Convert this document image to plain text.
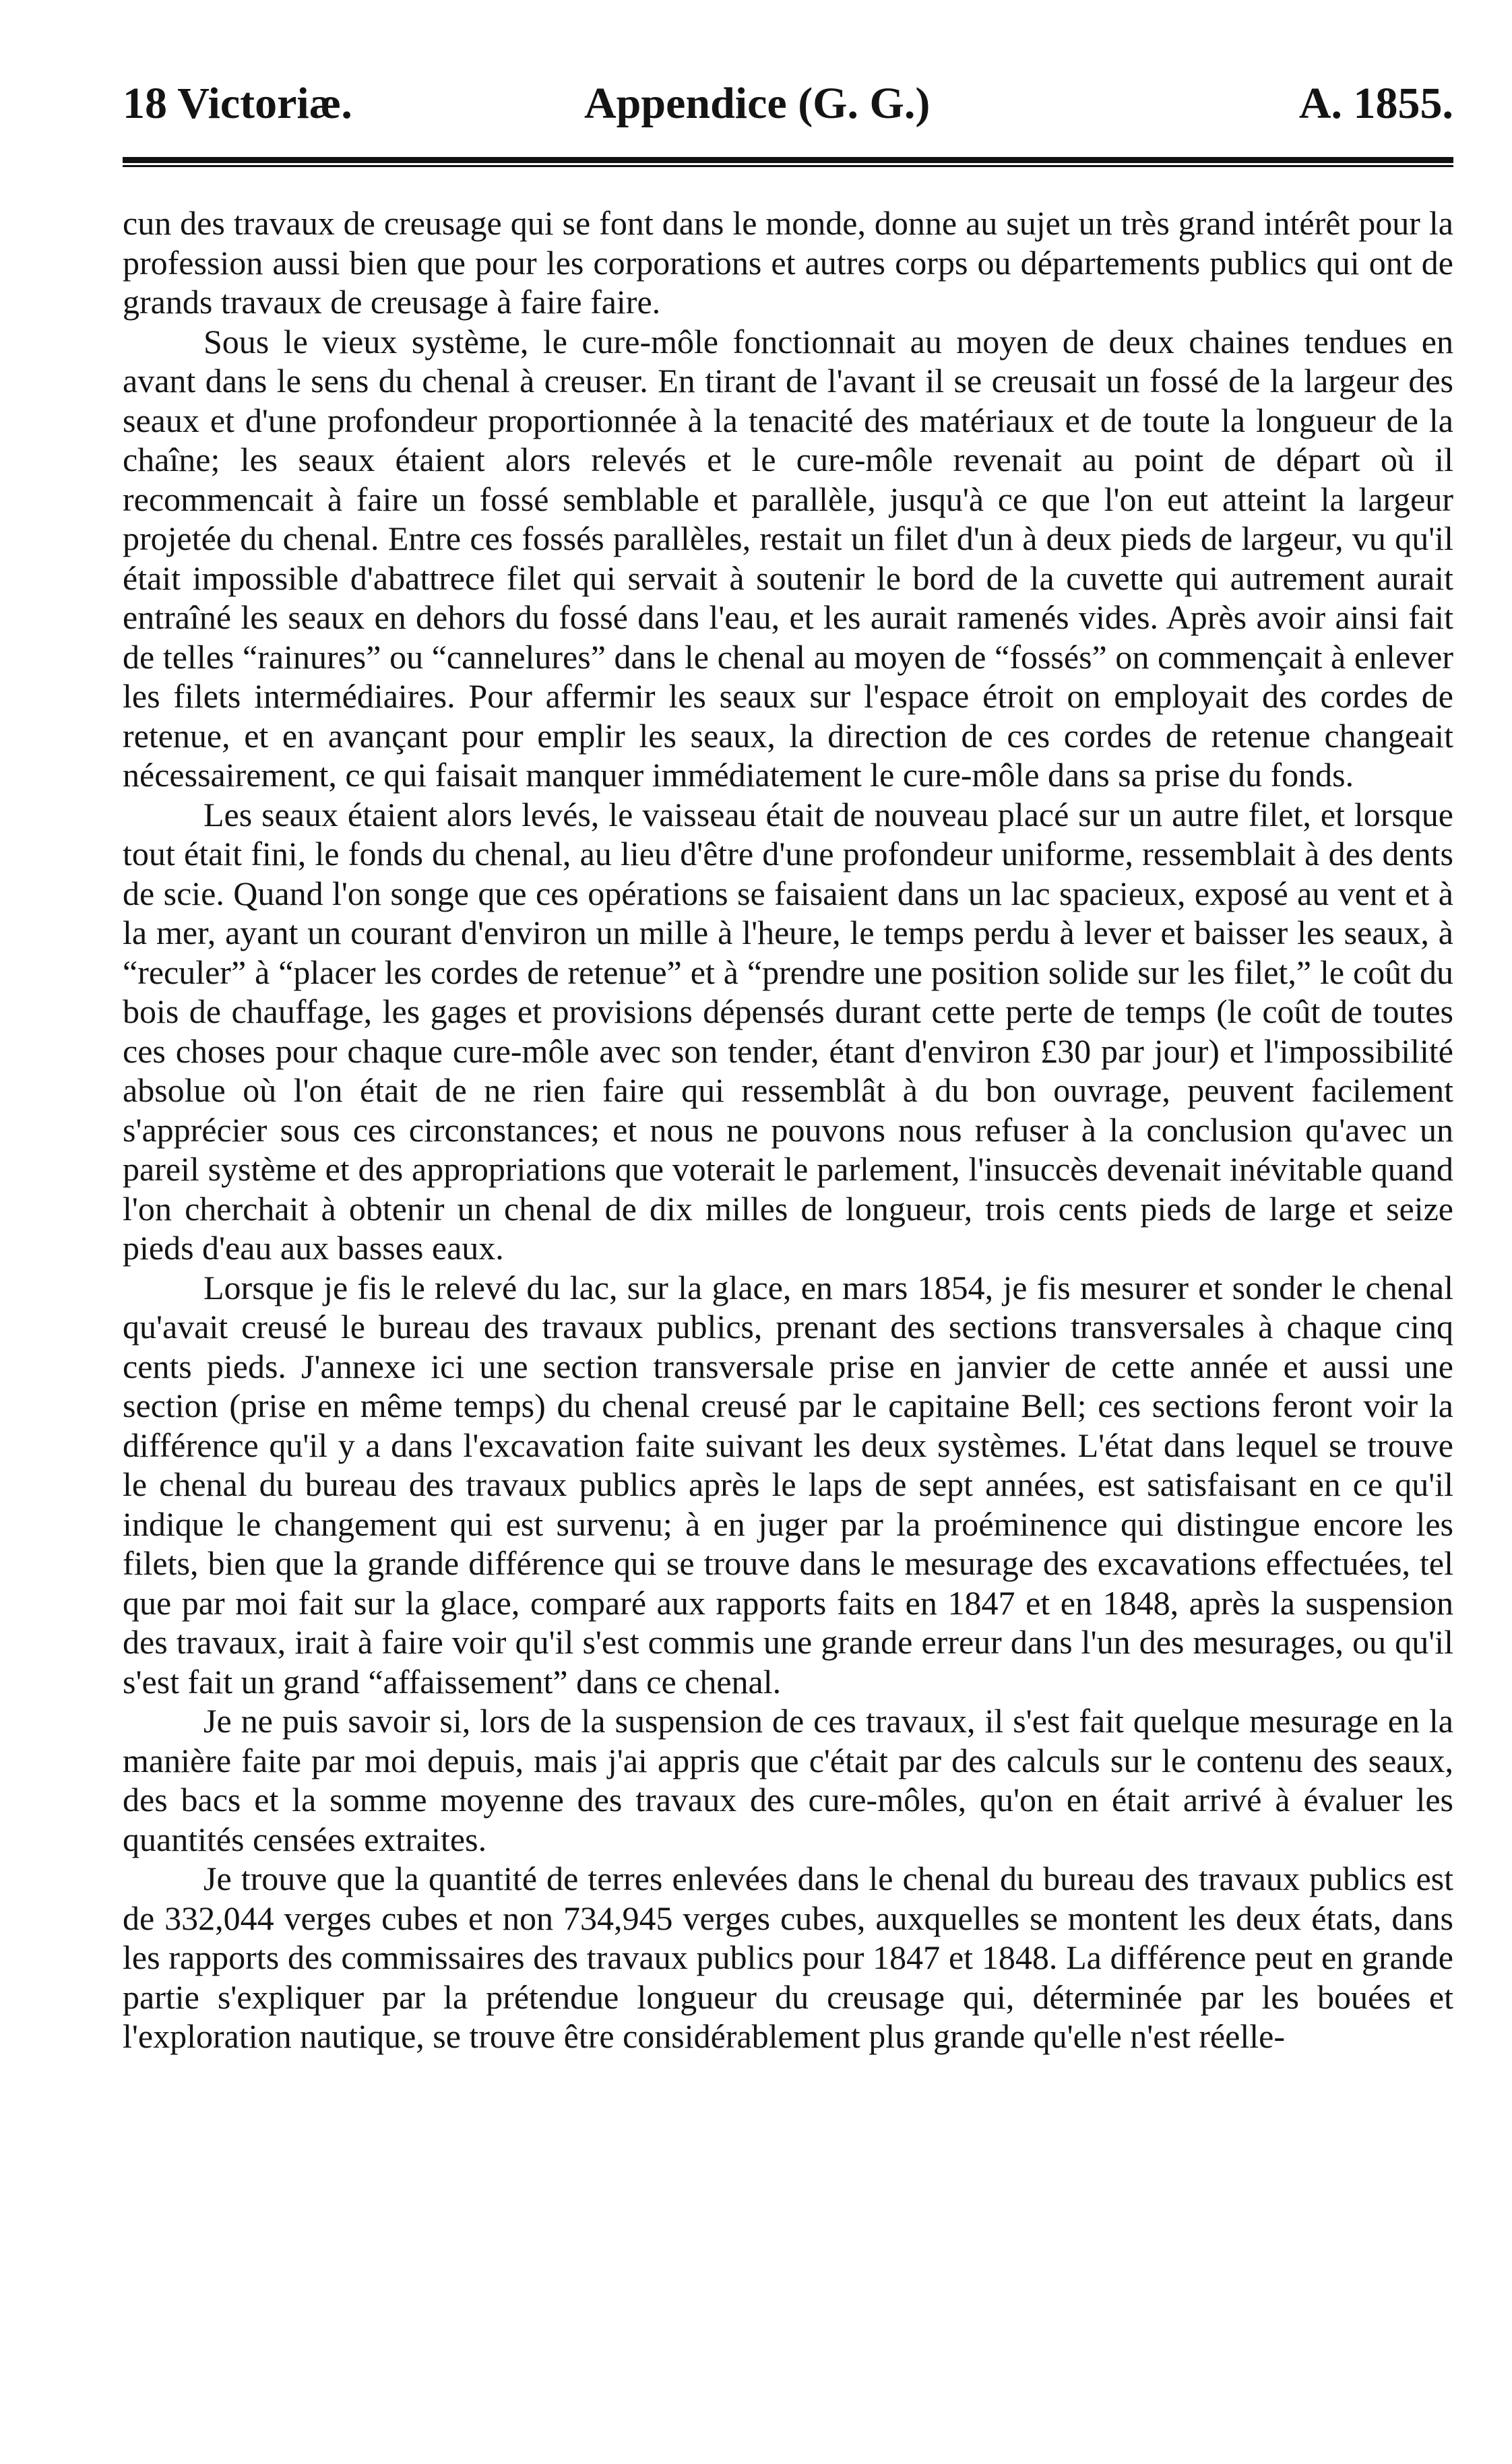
18 Victoriæ.	Appendice (G. G.)	A. 1855.

cun des travaux de creusage qui se font dans le monde, donne au sujet un très grand intérêt pour la profession aussi bien que pour les corporations et autres corps ou départements publics qui ont de grands travaux de creusage à faire faire.

Sous le vieux système, le cure-môle fonctionnait au moyen de deux chaines tendues en avant dans le sens du chenal à creuser. En tirant de l'avant il se creusait un fossé de la largeur des seaux et d'une profondeur proportionnée à la tenacité des matériaux et de toute la longueur de la chaîne; les seaux étaient alors relevés et le cure-môle revenait au point de départ où il recommencait à faire un fossé semblable et parallèle, jusqu'à ce que l'on eut atteint la largeur projetée du chenal. Entre ces fossés parallèles, restait un filet d'un à deux pieds de largeur, vu qu'il était impossible d'abattrece filet qui servait à soutenir le bord de la cuvette qui autrement aurait entraîné les seaux en dehors du fossé dans l'eau, et les aurait ramenés vides. Après avoir ainsi fait de telles “rainures” ou “cannelures” dans le chenal au moyen de “fossés” on commençait à enlever les filets intermédiaires. Pour affermir les seaux sur l'espace étroit on employait des cordes de retenue, et en avançant pour emplir les seaux, la direction de ces cordes de retenue changeait nécessairement, ce qui faisait manquer immédiatement le cure-môle dans sa prise du fonds.

Les seaux étaient alors levés, le vaisseau était de nouveau placé sur un autre filet, et lorsque tout était fini, le fonds du chenal, au lieu d'être d'une profondeur uniforme, ressemblait à des dents de scie. Quand l'on songe que ces opérations se faisaient dans un lac spacieux, exposé au vent et à la mer, ayant un courant d'environ un mille à l'heure, le temps perdu à lever et baisser les seaux, à “reculer” à “placer les cordes de retenue” et à “prendre une position solide sur les filet,” le coût du bois de chauffage, les gages et provisions dépensés durant cette perte de temps (le coût de toutes ces choses pour chaque cure-môle avec son tender, étant d'environ £30 par jour) et l'impossibilité absolue où l'on était de ne rien faire qui ressemblât à du bon ouvrage, peuvent facilement s'apprécier sous ces circonstances; et nous ne pouvons nous refuser à la conclusion qu'avec un pareil système et des appropriations que voterait le parlement, l'insuccès devenait inévitable quand l'on cherchait à obtenir un chenal de dix milles de longueur, trois cents pieds de large et seize pieds d'eau aux basses eaux.

Lorsque je fis le relevé du lac, sur la glace, en mars 1854, je fis mesurer et sonder le chenal qu'avait creusé le bureau des travaux publics, prenant des sections transversales à chaque cinq cents pieds. J'annexe ici une section transversale prise en janvier de cette année et aussi une section (prise en même temps) du chenal creusé par le capitaine Bell; ces sections feront voir la différence qu'il y a dans l'excavation faite suivant les deux systèmes. L'état dans lequel se trouve le chenal du bureau des travaux publics après le laps de sept années, est satisfaisant en ce qu'il indique le changement qui est survenu; à en juger par la proéminence qui distingue encore les filets, bien que la grande différence qui se trouve dans le mesurage des excavations effectuées, tel que par moi fait sur la glace, comparé aux rapports faits en 1847 et en 1848, après la suspension des travaux, irait à faire voir qu'il s'est commis une grande erreur dans l'un des mesurages, ou qu'il s'est fait un grand “affaissement” dans ce chenal.

Je ne puis savoir si, lors de la suspension de ces travaux, il s'est fait quelque mesurage en la manière faite par moi depuis, mais j'ai appris que c'était par des calculs sur le contenu des seaux, des bacs et la somme moyenne des travaux des cure-môles, qu'on en était arrivé à évaluer les quantités censées extraites.

Je trouve que la quantité de terres enlevées dans le chenal du bureau des travaux publics est de 332,044 verges cubes et non 734,945 verges cubes, auxquelles se montent les deux états, dans les rapports des commissaires des travaux publics pour 1847 et 1848. La différence peut en grande partie s'expliquer par la prétendue longueur du creusage qui, déterminée par les bouées et l'exploration nautique, se trouve être considérablement plus grande qu'elle n'est réelle-
